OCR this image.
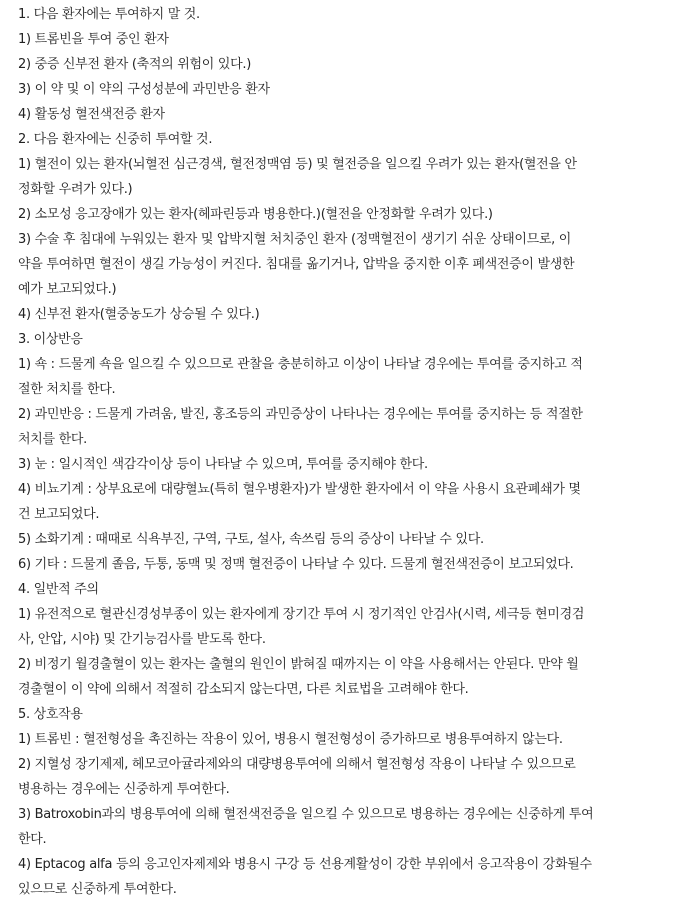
1. 다음 환자에는 투여하지 말 것.
1) 트롬빈을 투여 중인 환자
2) 중증 신부전 환자 (축적의 위험이 있다.)
3) 이 약 및 이 약의 구성성분에 과민반응 환자
4) 활동성 혈전색전증 환자
2. 다음 환자에는 신중히 투여할 것.
1) 혈전이 있는 환자(뇌혈전 심근경색, 혈전정맥염 등) 및 혈전증을 일으킬 우려가 있는 환자(혈전을 안
정화할 우려가 있다.)
2) 소모성 응고장애가 있는 환자(헤파린등과 병용한다.)(혈전을 안정화할 우려가 있다.)
3) 수술 후 침대에 누워있는 환자 및 압박지혈 처치중인 환자 (정맥혈전이 생기기 쉬운 상태이므로, 이
약을 투여하면 혈전이 생길 가능성이 커진다. 침대를 옮기거나, 압박을 중지한 이후 폐색전증이 발생한
예가 보고되었다.)
4) 신부전 환자(혈중농도가 상승될 수 있다.)
3. 이상반응
1) 쇽 : 드물게 쇽을 일으킬 수 있으므로 관찰을 충분히하고 이상이 나타날 경우에는 투여를 중지하고 적
절한 처치를 한다.
2) 과민반응 : 드물게 가려움, 발진, 홍조등의 과민증상이 나타나는 경우에는 투여를 중지하는 등 적절한
처치를 한다.
3) 눈 : 일시적인 색감각이상 등이 나타날 수 있으며, 투여를 중지해야 한다.
4) 비뇨기계 : 상부요로에 대량혈뇨(특히 혈우병환자)가 발생한 환자에서 이 약을 사용시 요관폐쇄가 몇
건 보고되었다.
5) 소화기계 : 때때로 식욕부진, 구역, 구토, 설사, 속쓰림 등의 증상이 나타날 수 있다.
6) 기타 : 드물게 졸음, 두통, 동맥 및 정맥 혈전증이 나타날 수 있다. 드물게 혈전색전증이 보고되었다.
4. 일반적 주의
1) 유전적으로 혈관신경성부종이 있는 환자에게 장기간 투여 시 정기적인 안검사(시력, 세극등 현미경검
사, 안압, 시야) 및 간기능검사를 받도록 한다.
2) 비정기 월경출혈이 있는 환자는 출혈의 원인이 밝혀질 때까지는 이 약을 사용해서는 안된다. 만약 월
경출혈이 이 약에 의해서 적절히 감소되지 않는다면, 다른 치료법을 고려해야 한다.
5. 상호작용
1) 트롬빈 : 혈전형성을 촉진하는 작용이 있어, 병용시 혈전형성이 증가하므로 병용투여하지 않는다.
2) 지혈성 장기제제, 헤모코아귤라제와의 대량병용투여에 의해서 혈전형성 작용이 나타날 수 있으므로
병용하는 경우에는 신중하게 투여한다.
3) Batroxobin과의 병용투여에 의해 혈전색전증을 일으킬 수 있으므로 병용하는 경우에는 신중하게 투여
한다.
4) Eptacog alfa 등의 응고인자제제와 병용시 구강 등 선용계활성이 강한 부위에서 응고작용이 강화될수
있으므로 신중하게 투여한다.
